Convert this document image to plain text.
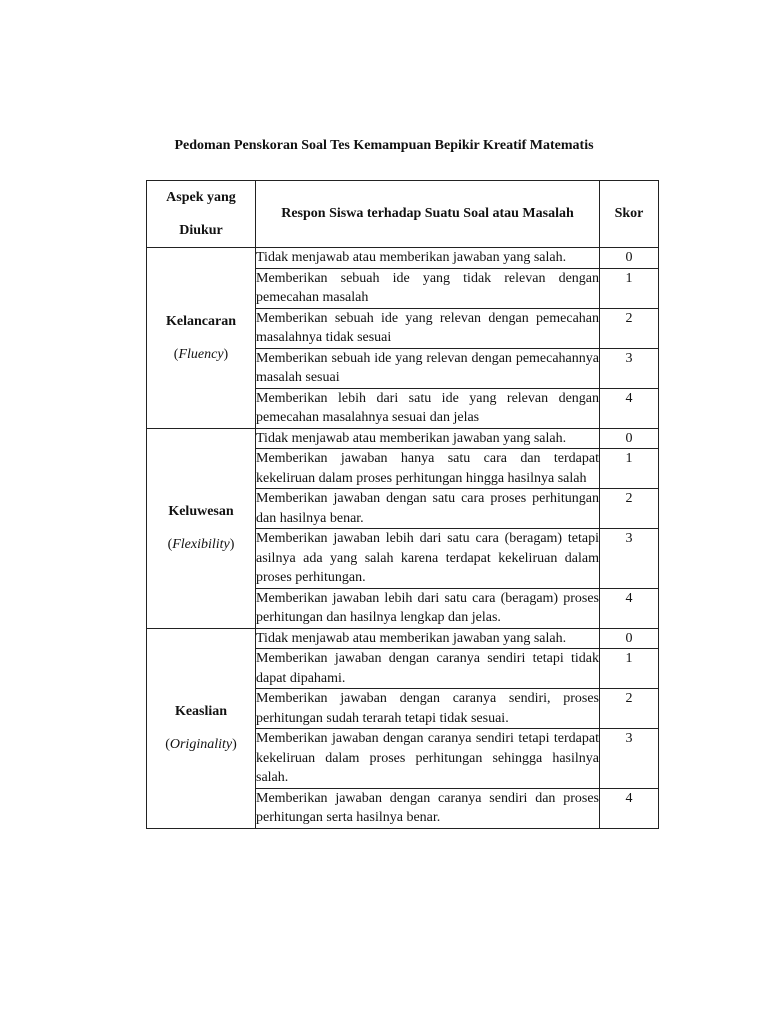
Pedoman Penskoran Soal Tes Kemampuan Bepikir Kreatif Matematis
Aspek yang
Diukur	Respon Siswa terhadap Suatu Soal atau Masalah	Skor

Kelancaran
(Fluency)	Tidak menjawab atau memberikan jawaban yang salah.	0
	Memberikan sebuah ide yang tidak relevan dengan pemecahan masalah	1
	Memberikan sebuah ide yang relevan dengan pemecahan masalahnya tidak sesuai	2
	Memberikan sebuah ide yang relevan dengan pemecahannya masalah sesuai	3
	Memberikan lebih dari satu ide yang relevan dengan pemecahan masalahnya sesuai dan jelas	4

Keluwesan
(Flexibility)	Tidak menjawab atau memberikan jawaban yang salah.	0
	Memberikan jawaban hanya satu cara dan terdapat kekeliruan dalam proses perhitungan hingga hasilnya salah	1
	Memberikan jawaban dengan satu cara proses perhitungan dan hasilnya benar.	2
	Memberikan jawaban lebih dari satu cara (beragam) tetapi asilnya ada yang salah karena terdapat kekeliruan dalam proses perhitungan.	3
	Memberikan jawaban lebih dari satu cara (beragam) proses perhitungan dan hasilnya lengkap dan jelas.	4

Keaslian
(Originality)	Tidak menjawab atau memberikan jawaban yang salah.	0
	Memberikan jawaban dengan caranya sendiri tetapi tidak dapat dipahami.	1
	Memberikan jawaban dengan caranya sendiri, proses perhitungan sudah terarah tetapi tidak sesuai.	2
	Memberikan jawaban dengan caranya sendiri tetapi terdapat kekeliruan dalam proses perhitungan sehingga hasilnya salah.	3
	Memberikan jawaban dengan caranya sendiri dan proses perhitungan serta hasilnya benar.	4
